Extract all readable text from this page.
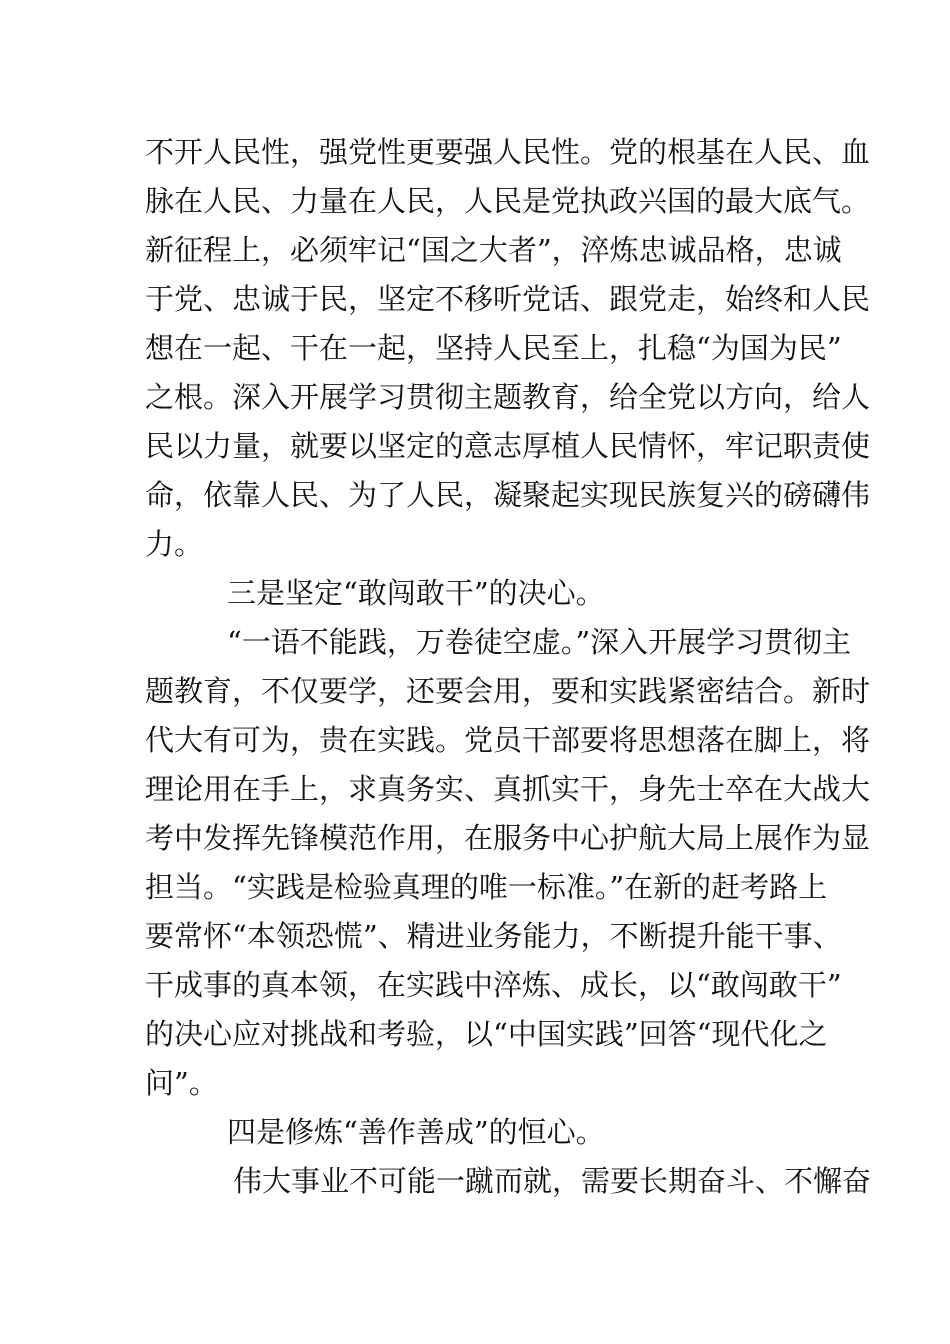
不开人民性，强党性更要强人民性。党的根基在人民、血
脉在人民、力量在人民，人民是党执政兴国的最大底气。
新征程上，必须牢记“国之大者”，淬炼忠诚品格，忠诚
于党、忠诚于民，坚定不移听党话、跟党走，始终和人民
想在一起、干在一起，坚持人民至上，扎稳“为国为民”
之根。深入开展学习贯彻主题教育，给全党以方向，给人
民以力量，就要以坚定的意志厚植人民情怀，牢记职责使
命，依靠人民、为了人民，凝聚起实现民族复兴的磅礴伟
力。
三是坚定“敢闯敢干”的决心。
“一语不能践，万卷徒空虚。”深入开展学习贯彻主
题教育，不仅要学，还要会用，要和实践紧密结合。新时
代大有可为，贵在实践。党员干部要将思想落在脚上，将
理论用在手上，求真务实、真抓实干，身先士卒在大战大
考中发挥先锋模范作用，在服务中心护航大局上展作为显
担当。“实践是检验真理的唯一标准。”在新的赶考路上
要常怀“本领恐慌”、精进业务能力，不断提升能干事、
干成事的真本领，在实践中淬炼、成长，以“敢闯敢干”
的决心应对挑战和考验，以“中国实践”回答“现代化之
问”。
四是修炼“善作善成”的恒心。
伟大事业不可能一蹴而就，需要长期奋斗、不懈奋
